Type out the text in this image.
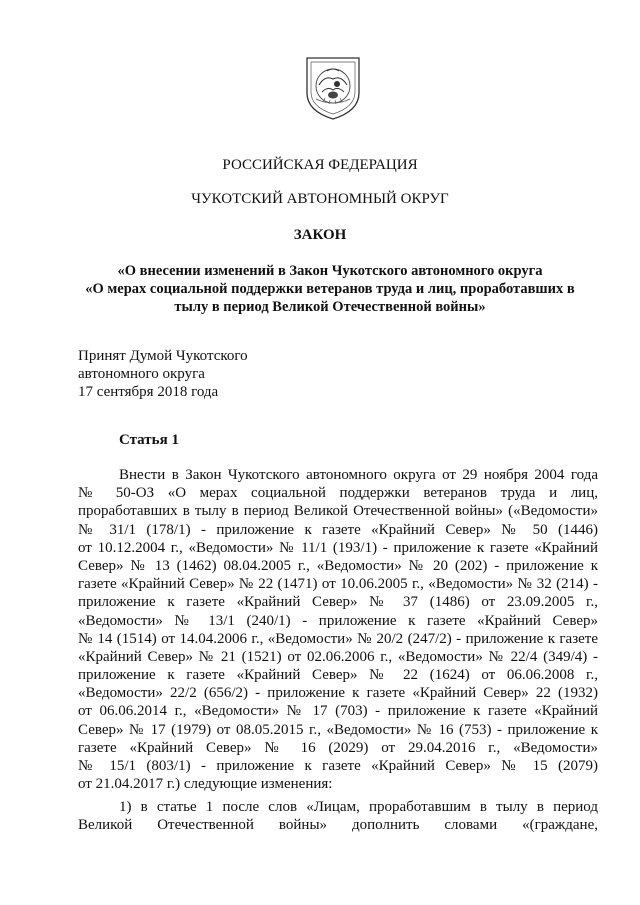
РОССИЙСКАЯ ФЕДЕРАЦИЯ
ЧУКОТСКИЙ АВТОНОМНЫЙ ОКРУГ
ЗАКОН
«О внесении изменений в Закон Чукотского автономного округа
«О мерах социальной поддержки ветеранов труда и лиц, проработавших в
тылу в период Великой Отечественной войны»
Принят Думой Чукотского
автономного округа
17 сентября 2018 года
Статья 1
Внести в Закон Чукотского автономного округа от 29 ноября 2004 года
№ 50-ОЗ «О мерах социальной поддержки ветеранов труда и лиц,
проработавших в тылу в период Великой Отечественной войны» («Ведомости»
№ 31/1 (178/1) - приложение к газете «Крайний Север» № 50 (1446)
от 10.12.2004 г., «Ведомости» № 11/1 (193/1) - приложение к газете «Крайний
Север» № 13 (1462) 08.04.2005 г., «Ведомости» № 20 (202) - приложение к
газете «Крайний Север» № 22 (1471) от 10.06.2005 г., «Ведомости» № 32 (214) -
приложение к газете «Крайний Север» № 37 (1486) от 23.09.2005 г.,
«Ведомости» № 13/1 (240/1) - приложение к газете «Крайний Север»
№ 14 (1514) от 14.04.2006 г., «Ведомости» № 20/2 (247/2) - приложение к газете
«Крайний Север» № 21 (1521) от 02.06.2006 г., «Ведомости» № 22/4 (349/4) -
приложение к газете «Крайний Север» № 22 (1624) от 06.06.2008 г.,
«Ведомости» 22/2 (656/2) - приложение к газете «Крайний Север» 22 (1932)
от 06.06.2014 г., «Ведомости» № 17 (703) - приложение к газете «Крайний
Север» № 17 (1979) от 08.05.2015 г., «Ведомости» № 16 (753) - приложение к
газете «Крайний Север» № 16 (2029) от 29.04.2016 г., «Ведомости»
№ 15/1 (803/1) - приложение к газете «Крайний Север» № 15 (2079)
от 21.04.2017 г.) следующие изменения:
1) в статье 1 после слов «Лицам, проработавшим в тылу в период
Великой Отечественной войны» дополнить словами «(граждане,
